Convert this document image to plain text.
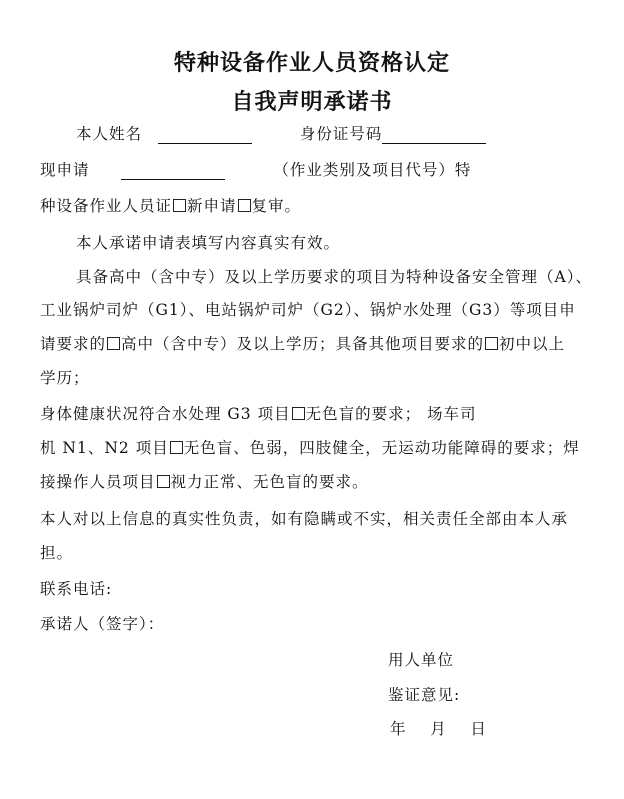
特种设备作业人员资格认定
自我声明承诺书
本人姓名	身份证号码
现申请	（作业类别及项目代号）特
种设备作业人员证 新申请 复审。
本人承诺申请表填写内容真实有效。
具备高中（含中专）及以上学历要求的项目为特种设备安全管理（A）、
工业锅炉司炉（G1）、电站锅炉司炉（G2）、锅炉水处理（G3）等项目申
请要求的 高中（含中专）及以上学历；具备其他项目要求的 初中以上
学历；
身体健康状况符合水处理 G3 项目 无色盲的要求； 场车司
机 N1、N2 项目 无色盲、色弱，四肢健全，无运动功能障碍的要求；焊
接操作人员项目 视力正常、无色盲的要求。
本人对以上信息的真实性负责，如有隐瞒或不实，相关责任全部由本人承
担。
联系电话:
承诺人（签字）：
用人单位
鉴证意见:
年    月    日
